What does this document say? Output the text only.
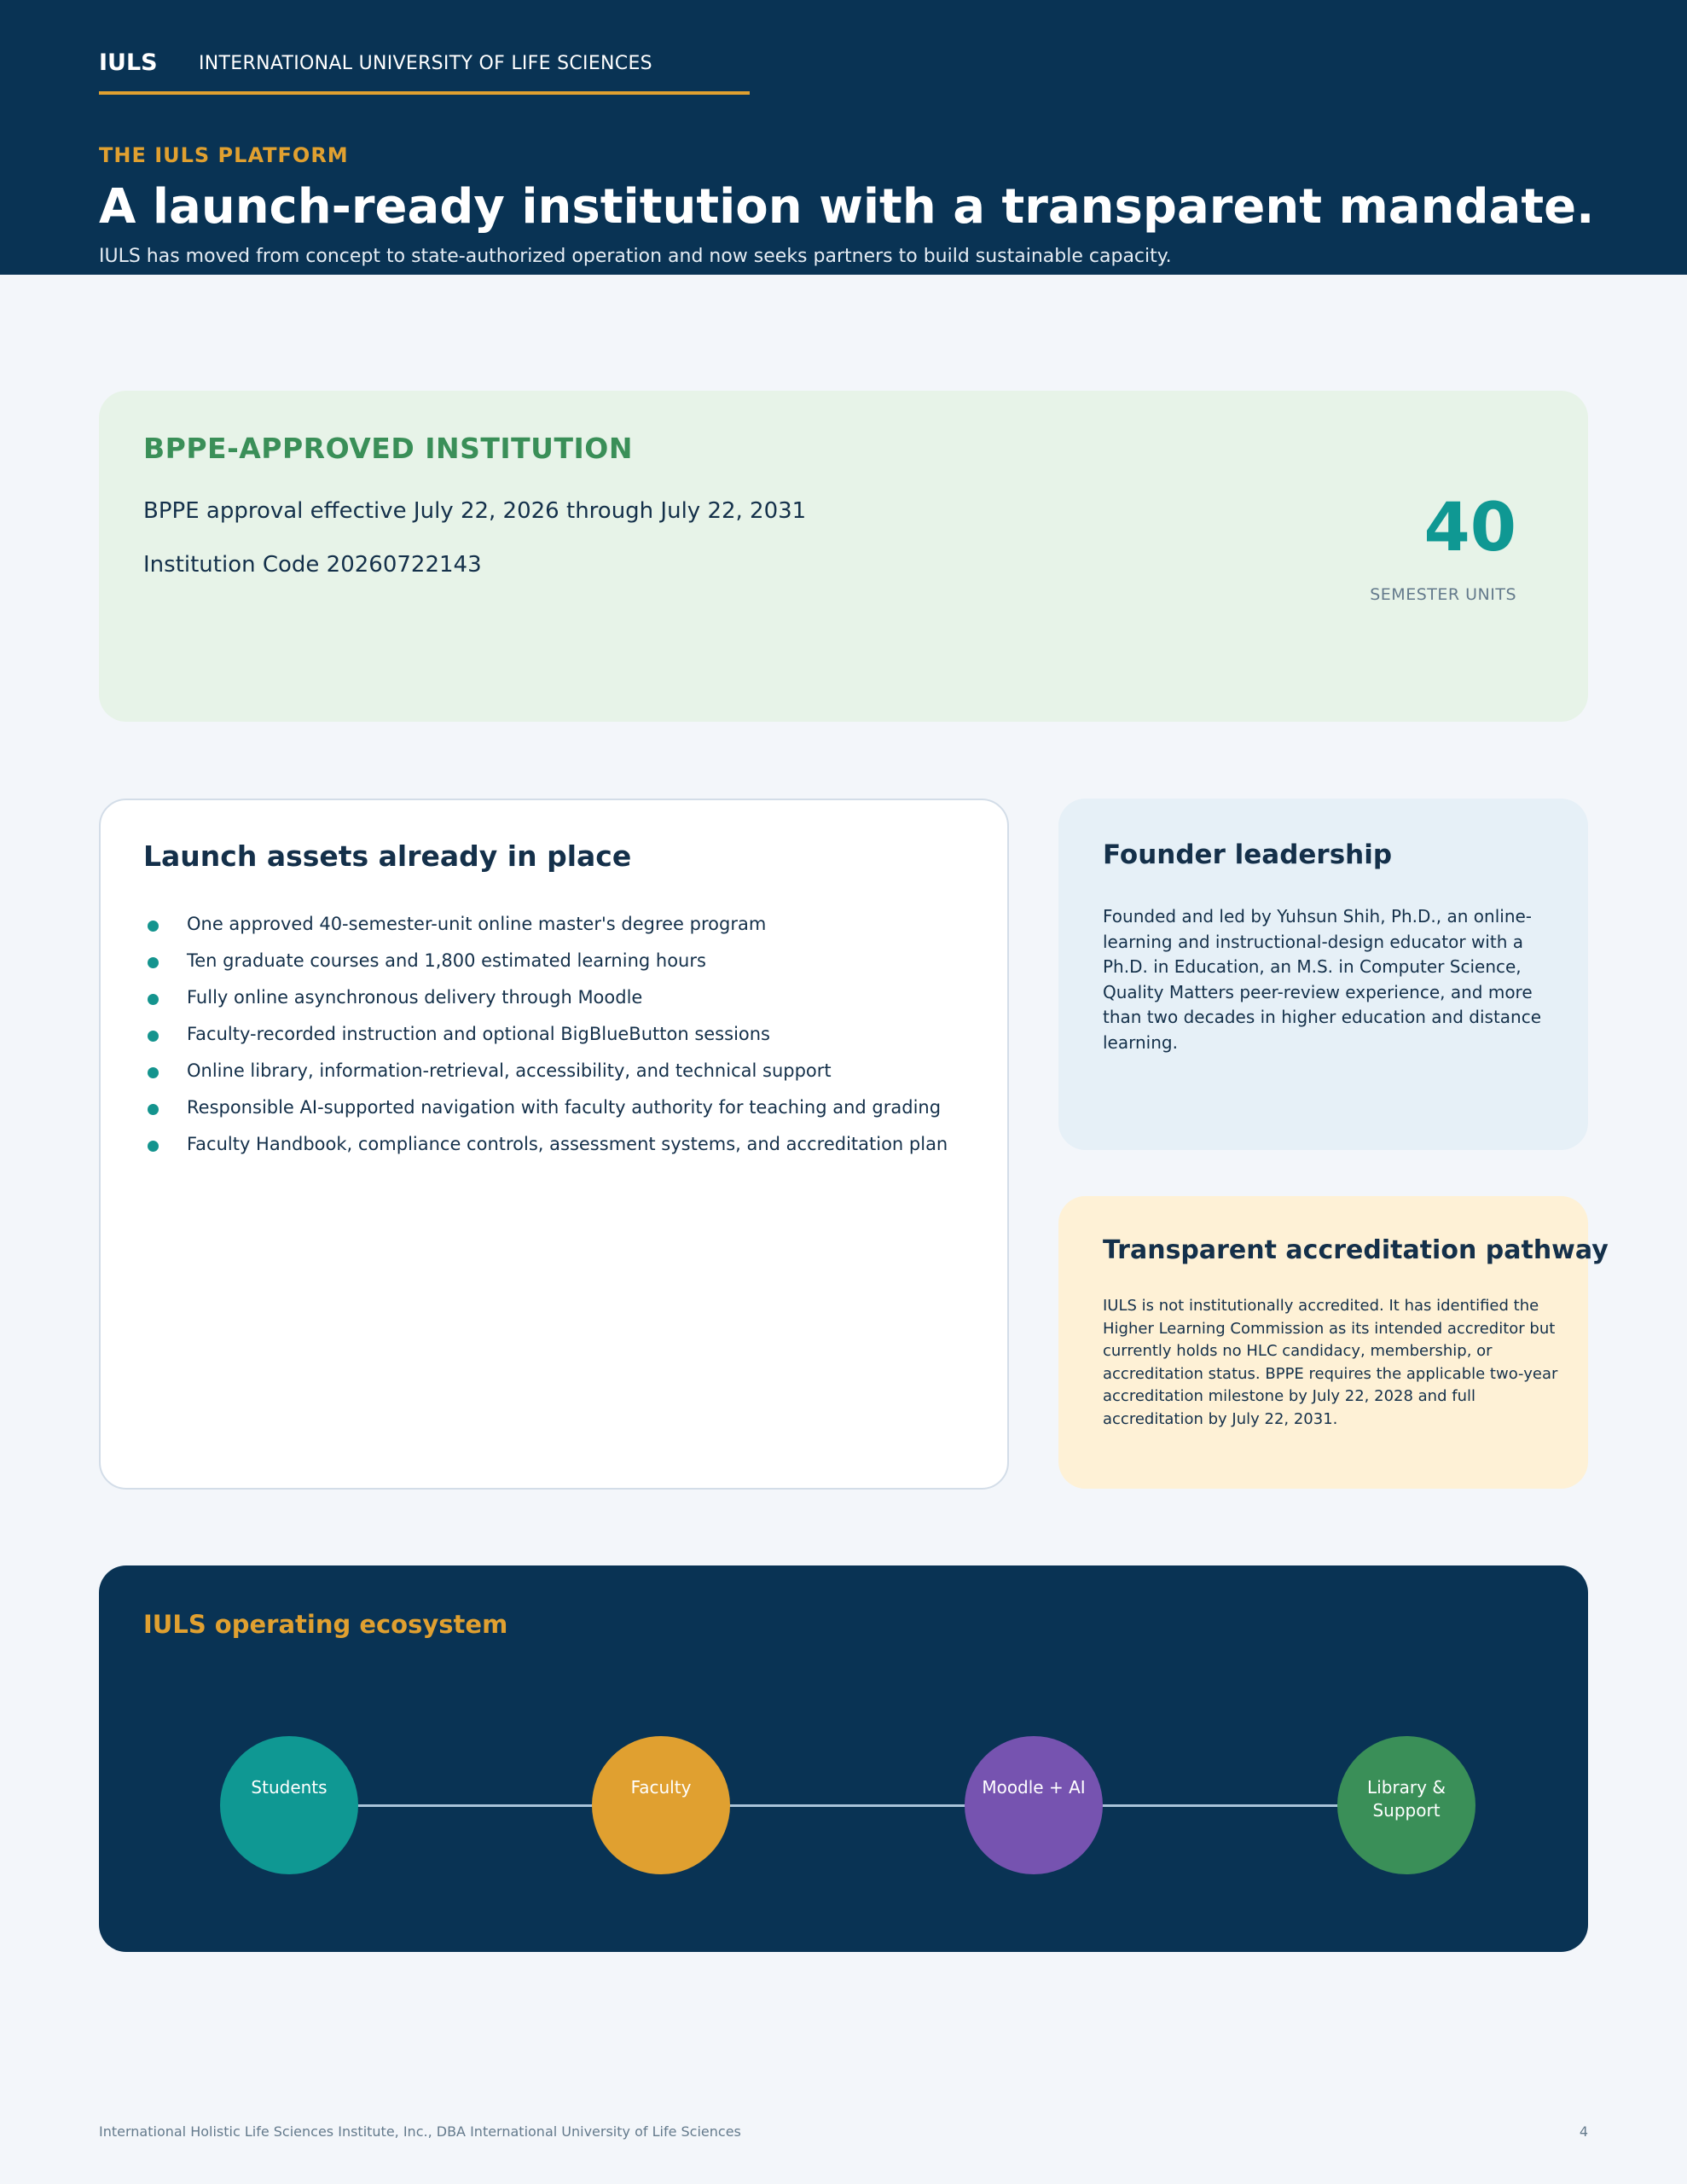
IULS INTERNATIONAL UNIVERSITY OF LIFE SCIENCES
THE IULS PLATFORM
A launch-ready institution with a transparent mandate.
IULS has moved from concept to state-authorized operation and now seeks partners to build sustainable capacity.
BPPE-APPROVED INSTITUTION
BPPE approval effective July 22, 2026 through July 22, 2031
Institution Code 20260722143	40
SEMESTER UNITS
Launch assets already in place
One approved 40-semester-unit online master's degree program
Ten graduate courses and 1,800 estimated learning hours
Fully online asynchronous delivery through Moodle
Faculty-recorded instruction and optional BigBlueButton sessions
Online library, information-retrieval, accessibility, and technical support
Responsible AI-supported navigation with faculty authority for teaching and grading
Faculty Handbook, compliance controls, assessment systems, and accreditation plan
Founder leadership
Founded and led by Yuhsun Shih, Ph.D., an online-learning and instructional-design educator with a Ph.D. in Education, an M.S. in Computer Science, Quality Matters peer-review experience, and more than two decades in higher education and distance learning.
Transparent accreditation pathway
IULS is not institutionally accredited. It has identified the Higher Learning Commission as its intended accreditor but currently holds no HLC candidacy, membership, or accreditation status. BPPE requires the applicable two-year accreditation milestone by July 22, 2028 and full accreditation by July 22, 2031.
IULS operating ecosystem
Students	Faculty	Moodle + AI	Library & Support
International Holistic Life Sciences Institute, Inc., DBA International University of Life Sciences	4
